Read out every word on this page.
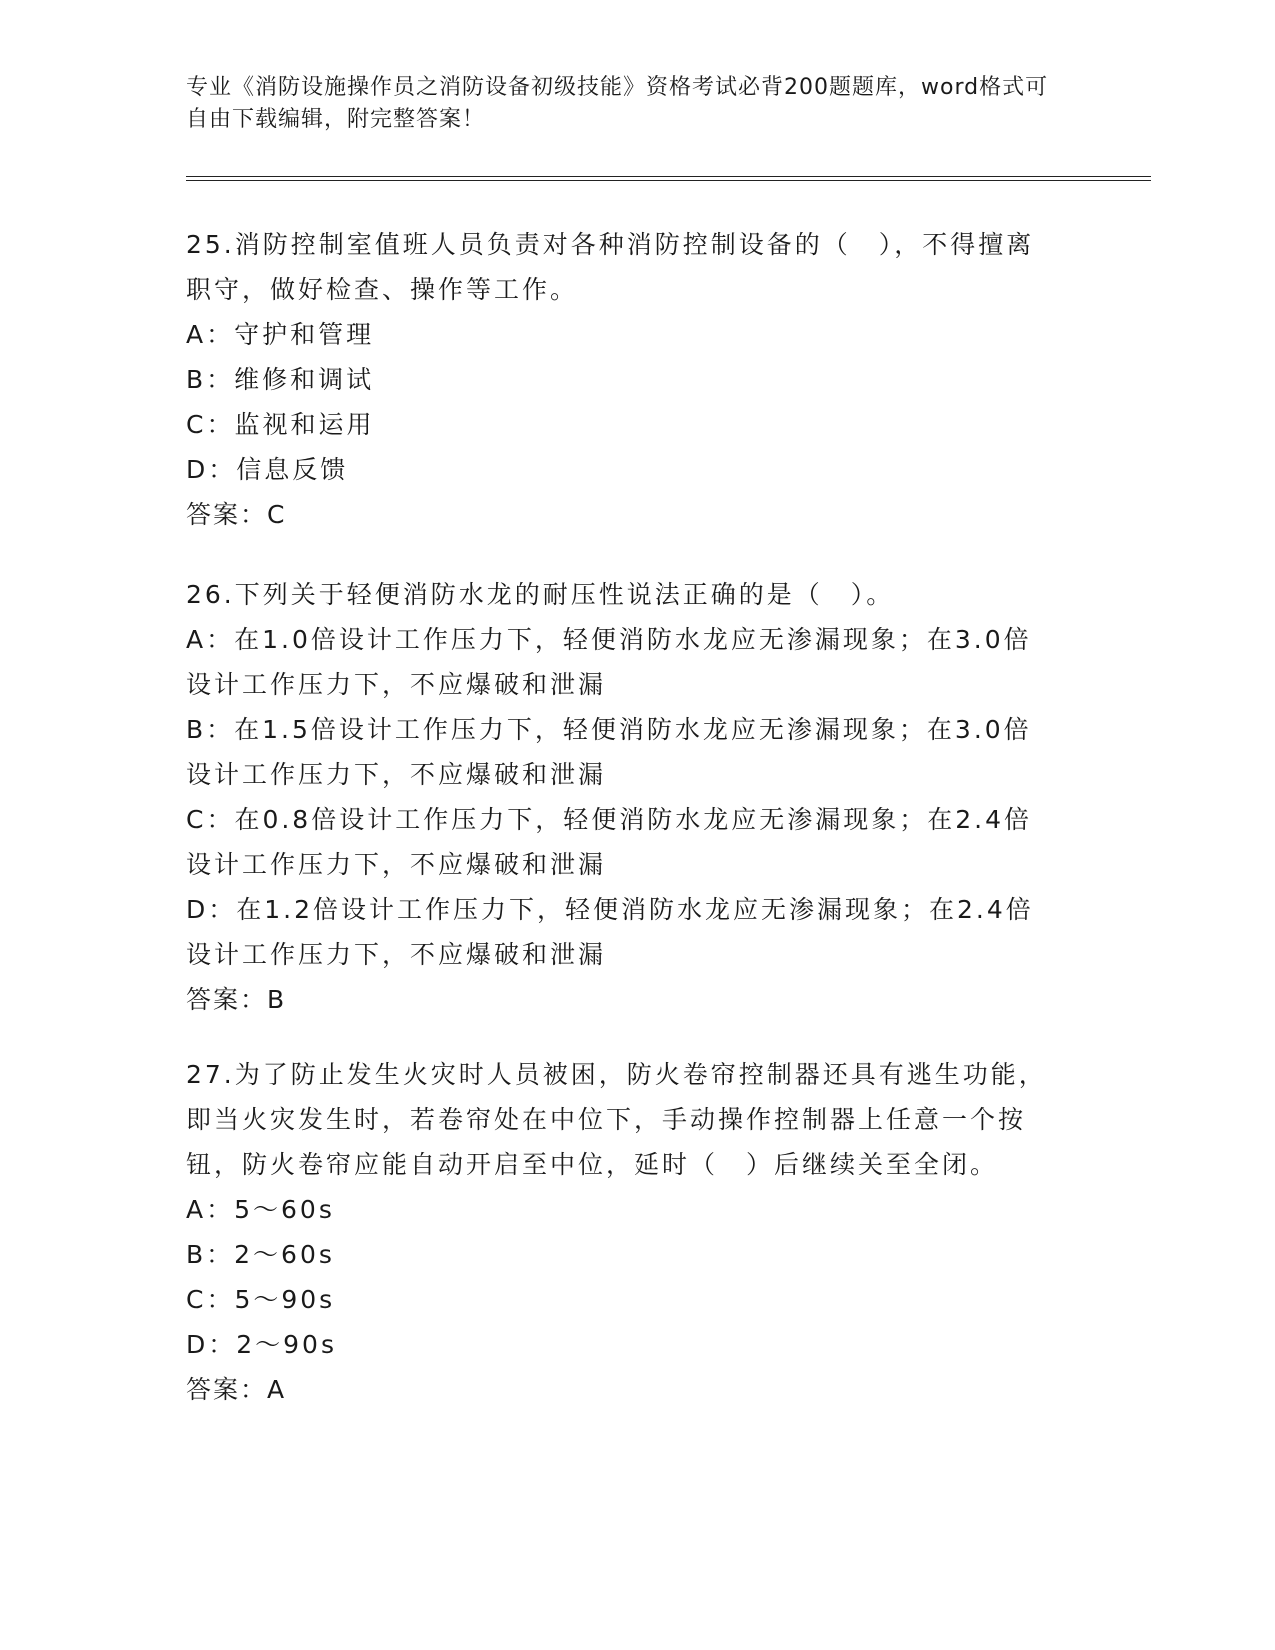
专业《消防设施操作员之消防设备初级技能》资格考试必背200题题库，word格式可自由下载编辑，附完整答案！

25.消防控制室值班人员负责对各种消防控制设备的（　），不得擅离

职守，做好检查、操作等工作。

A：守护和管理

B：维修和调试

C：监视和运用

D：信息反馈

答案：C

26.下列关于轻便消防水龙的耐压性说法正确的是（　）。

A：在1.0倍设计工作压力下，轻便消防水龙应无渗漏现象；在3.0倍

设计工作压力下，不应爆破和泄漏

B：在1.5倍设计工作压力下，轻便消防水龙应无渗漏现象；在3.0倍

设计工作压力下，不应爆破和泄漏

C：在0.8倍设计工作压力下，轻便消防水龙应无渗漏现象；在2.4倍

设计工作压力下，不应爆破和泄漏

D：在1.2倍设计工作压力下，轻便消防水龙应无渗漏现象；在2.4倍

设计工作压力下，不应爆破和泄漏

答案：B

27.为了防止发生火灾时人员被困，防火卷帘控制器还具有逃生功能，

即当火灾发生时，若卷帘处在中位下，手动操作控制器上任意一个按

钮，防火卷帘应能自动开启至中位，延时（　）后继续关至全闭。

A：5～60s

B：2～60s

C：5～90s

D：2～90s

答案：A
